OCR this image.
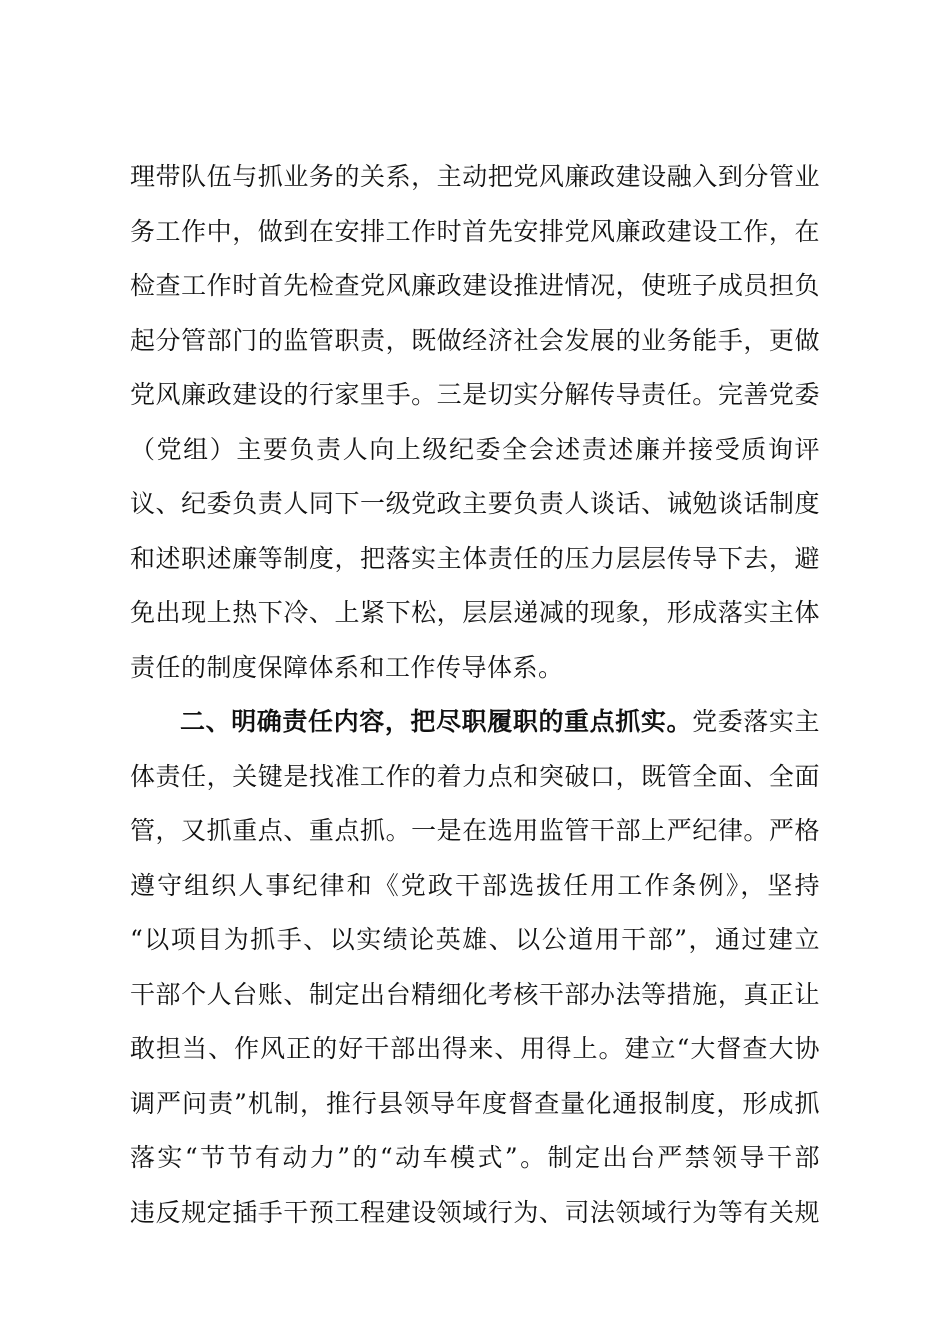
理带队伍与抓业务的关系，主动把党风廉政建设融入到分管业
务工作中，做到在安排工作时首先安排党风廉政建设工作，在
检查工作时首先检查党风廉政建设推进情况，使班子成员担负
起分管部门的监管职责，既做经济社会发展的业务能手，更做
党风廉政建设的行家里手。三是切实分解传导责任。完善党委
（党组）主要负责人向上级纪委全会述责述廉并接受质询评
议、纪委负责人同下一级党政主要负责人谈话、诫勉谈话制度
和述职述廉等制度，把落实主体责任的压力层层传导下去，避
免出现上热下冷、上紧下松，层层递减的现象，形成落实主体
责任的制度保障体系和工作传导体系。
二、明确责任内容，把尽职履职的重点抓实。党委落实主
体责任，关键是找准工作的着力点和突破口，既管全面、全面
管，又抓重点、重点抓。一是在选用监管干部上严纪律。严格
遵守组织人事纪律和《党政干部选拔任用工作条例》，坚持
“以项目为抓手、以实绩论英雄、以公道用干部”，通过建立
干部个人台账、制定出台精细化考核干部办法等措施，真正让
敢担当、作风正的好干部出得来、用得上。建立“大督查大协
调严问责”机制，推行县领导年度督查量化通报制度，形成抓
落实“节节有动力”的“动车模式”。制定出台严禁领导干部
违反规定插手干预工程建设领域行为、司法领域行为等有关规
